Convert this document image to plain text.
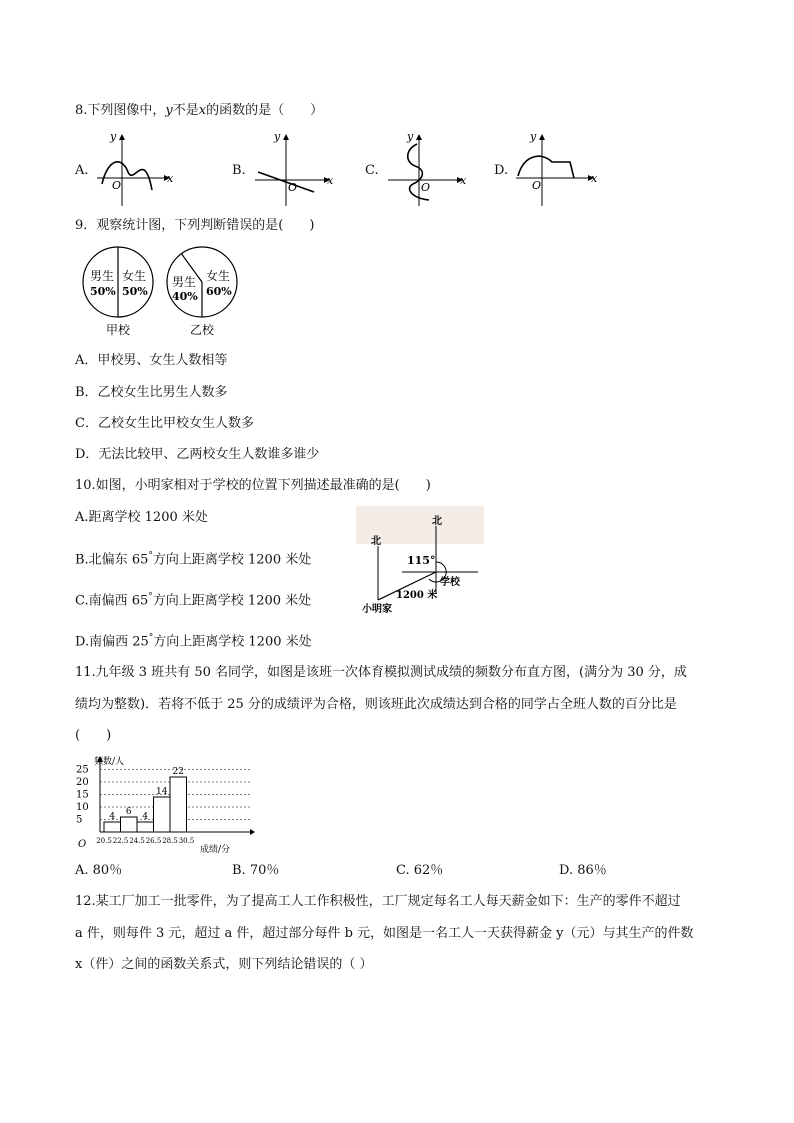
8.下列图像中，y不是x的函数的是（　　）
A.
x
y
O
B.
x
y
O
C.
x
y
O
D.
x
y
O
9．观察统计图，下列判断错误的是(　　)
男生
50%
女生
50%
甲校
男生
40%
女生
60%
乙校
A．甲校男、女生人数相等
B．乙校女生比男生人数多
C．乙校女生比甲校女生人数多
D．无法比较甲、乙两校女生人数谁多谁少
10.如图，小明家相对于学校的位置下列描述最准确的是(　　)
A.距离学校 1200 米处
B.北偏东 65°方向上距离学校 1200 米处
C.南偏西 65°方向上距离学校 1200 米处
D.南偏西 25°方向上距离学校 1200 米处
北
北
115°
学校
1200 米
小明家
11.九年级 3 班共有 50 名同学，如图是该班一次体育模拟测试成绩的频数分布直方图，(满分为 30 分，成
绩均为整数)．若将不低于 25 分的成绩评为合格，则该班此次成绩达到合格的同学占全班人数的百分比是
(　　)
频数/人
成绩/分
O
5
10
15
20
25
4 6 4
14
22
20.5 22.5 24.5 26.5 28.5 30.5
A. 80％	B. 70％	C. 62％	D. 86％
12.某工厂加工一批零件，为了提高工人工作积极性，工厂规定每名工人每天薪金如下：生产的零件不超过
a 件，则每件 3 元，超过 a 件，超过部分每件 b 元，如图是一名工人一天获得薪金 y（元）与其生产的件数
x（件）之间的函数关系式，则下列结论错误的（ ）
